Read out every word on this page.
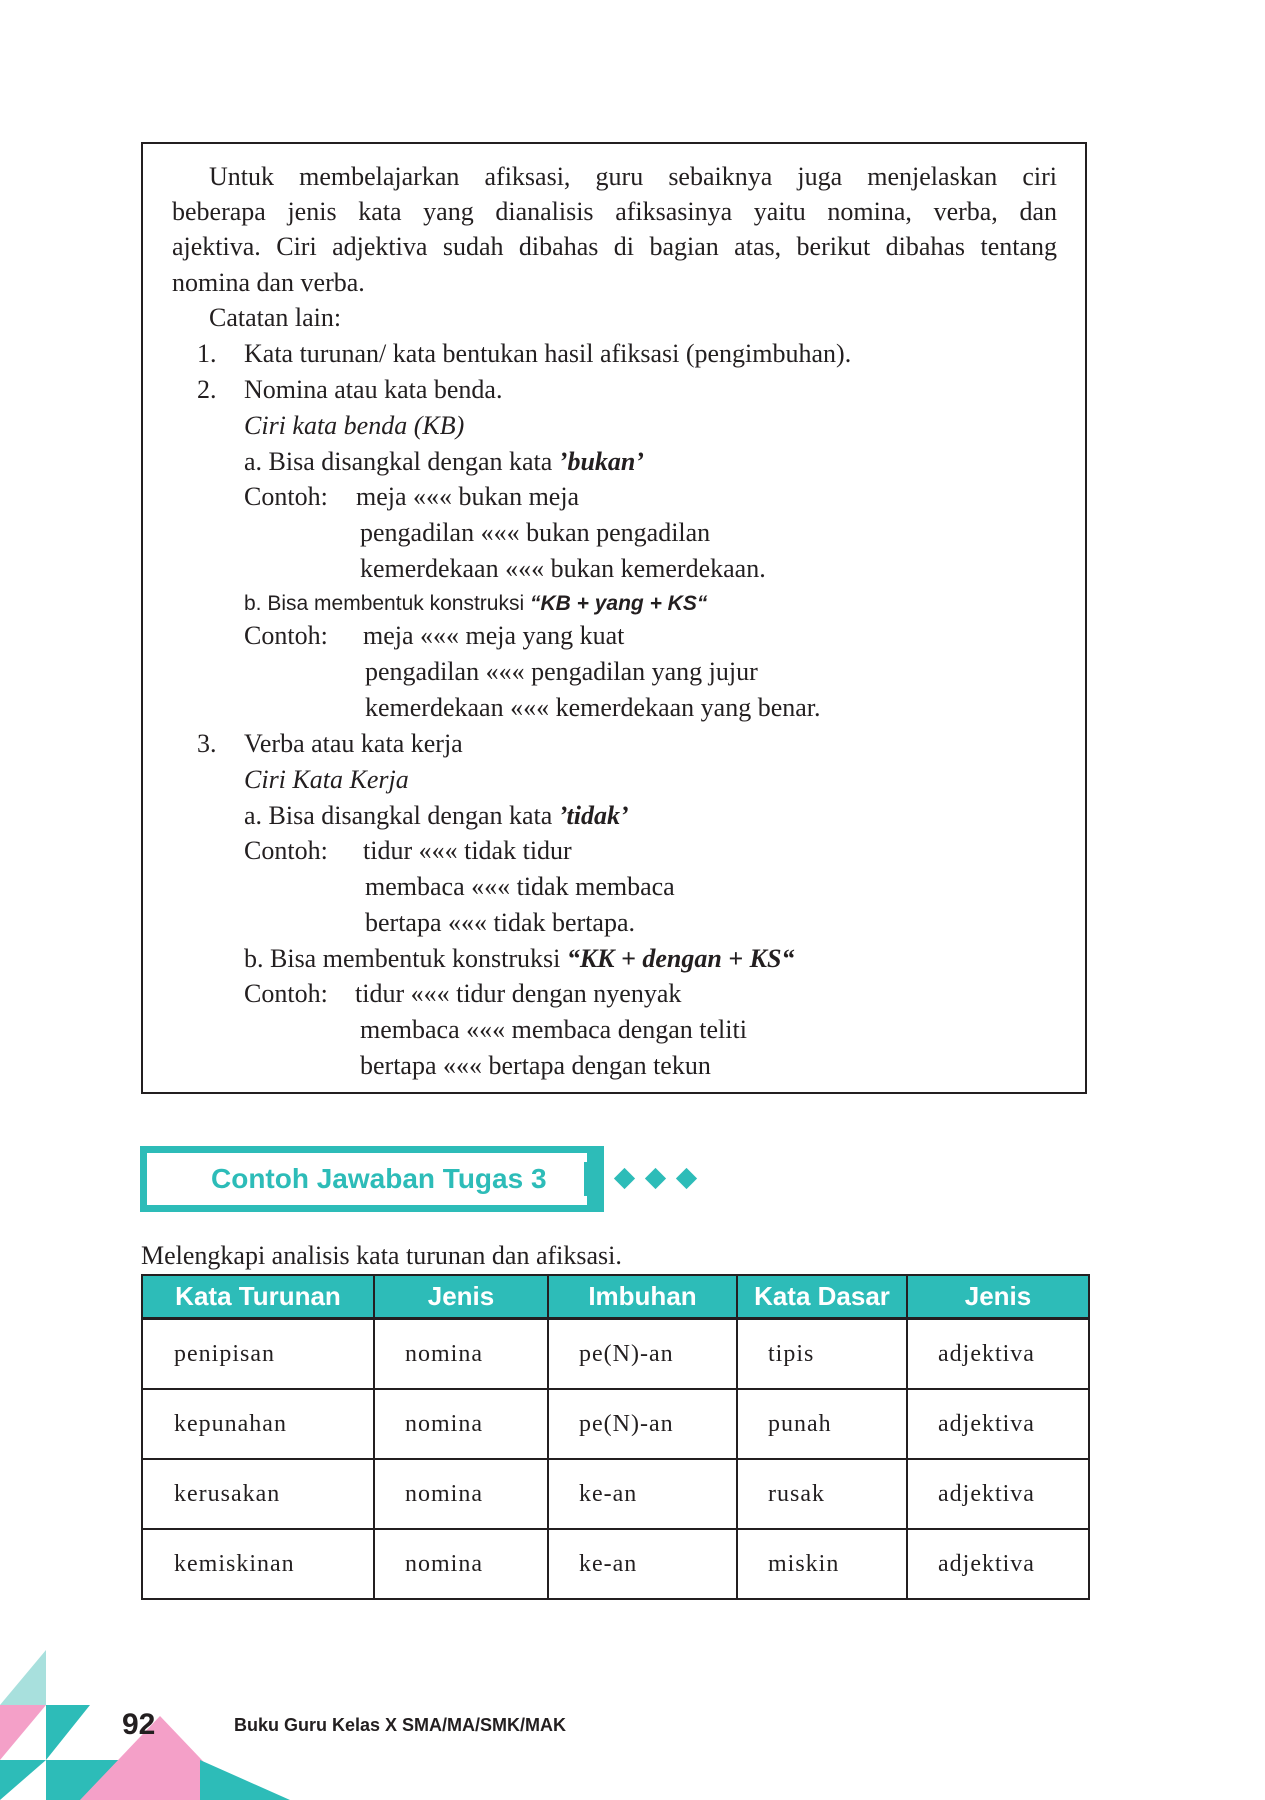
Untuk membelajarkan afiksasi, guru sebaiknya juga menjelaskan ciri
beberapa jenis kata yang dianalisis afiksasinya yaitu nomina, verba, dan
ajektiva. Ciri adjektiva sudah dibahas di bagian atas, berikut dibahas tentang
nomina dan verba.
Catatan lain:
1. Kata turunan/ kata bentukan hasil afiksasi (pengimbuhan).
2. Nomina atau kata benda.
Ciri kata benda (KB)
a. Bisa disangkal dengan kata ’bukan’
Contoh: meja ««« bukan meja
pengadilan ««« bukan pengadilan
kemerdekaan ««« bukan kemerdekaan.
b. Bisa membentuk konstruksi “KB + yang + KS“
Contoh: meja ««« meja yang kuat
pengadilan ««« pengadilan yang jujur
kemerdekaan ««« kemerdekaan yang benar.
3. Verba atau kata kerja
Ciri Kata Kerja
a. Bisa disangkal dengan kata ’tidak’
Contoh: tidur ««« tidak tidur
membaca ««« tidak membaca
bertapa ««« tidak bertapa.
b. Bisa membentuk konstruksi “KK + dengan + KS“
Contoh: tidur ««« tidur dengan nyenyak
membaca ««« membaca dengan teliti
bertapa ««« bertapa dengan tekun
Contoh Jawaban Tugas 3
Melengkapi analisis kata turunan dan afiksasi.
Kata Turunan	Jenis	Imbuhan	Kata Dasar	Jenis
penipisan	nomina	pe(N)-an	tipis	adjektiva
kepunahan	nomina	pe(N)-an	punah	adjektiva
kerusakan	nomina	ke-an	rusak	adjektiva
kemiskinan	nomina	ke-an	miskin	adjektiva
92	Buku Guru Kelas X SMA/MA/SMK/MAK
